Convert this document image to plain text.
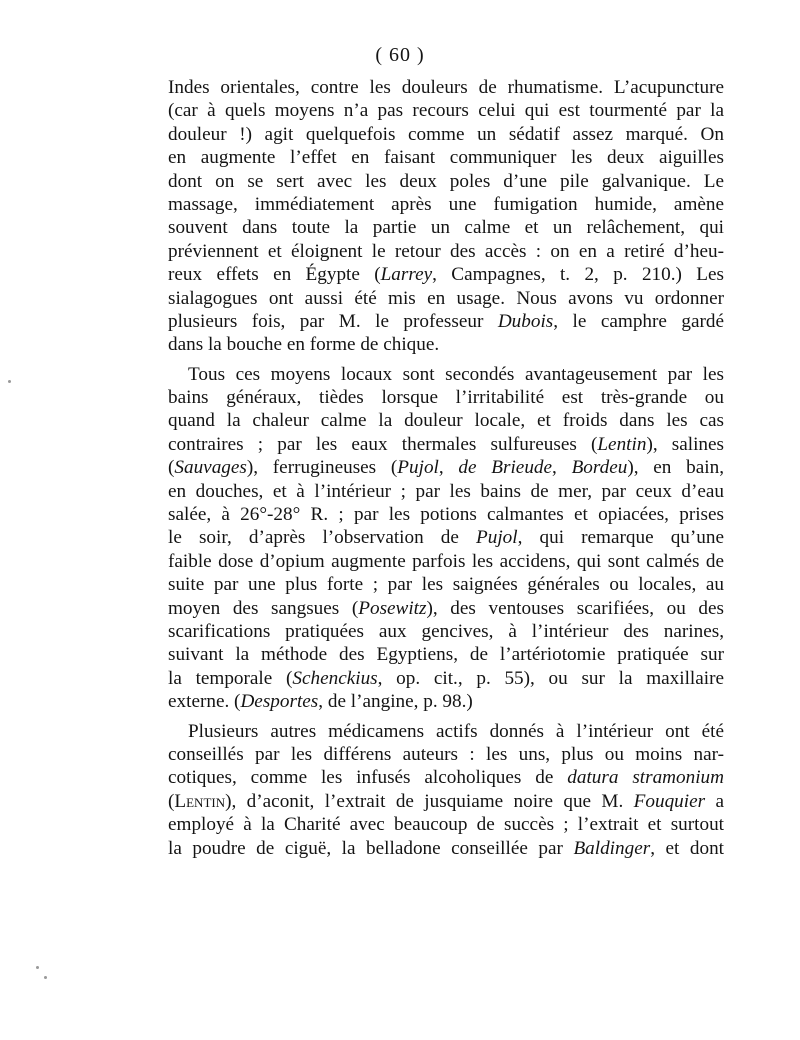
( 60 )
Indes orientales, contre les douleurs de rhumatisme. L’acupuncture
(car à quels moyens n’a pas recours celui qui est tourmenté par la
douleur !) agit quelquefois comme un sédatif assez marqué. On
en augmente l’effet en faisant communiquer les deux aiguilles
dont on se sert avec les deux poles d’une pile galvanique. Le
massage, immédiatement après une fumigation humide, amène
souvent dans toute la partie un calme et un relâchement, qui
préviennent et éloignent le retour des accès : on en a retiré d’heu-
reux effets en Égypte (Larrey, Campagnes, t. 2, p. 210.) Les
sialagogues ont aussi été mis en usage. Nous avons vu ordonner
plusieurs fois, par M. le professeur Dubois, le camphre gardé
dans la bouche en forme de chique.
Tous ces moyens locaux sont secondés avantageusement par les
bains généraux, tièdes lorsque l’irritabilité est très-grande ou
quand la chaleur calme la douleur locale, et froids dans les cas
contraires ; par les eaux thermales sulfureuses (Lentin), salines
(Sauvages), ferrugineuses (Pujol, de Brieude, Bordeu), en bain,
en douches, et à l’intérieur ; par les bains de mer, par ceux d’eau
salée, à 26°-28° R. ; par les potions calmantes et opiacées, prises
le soir, d’après l’observation de Pujol, qui remarque qu’une
faible dose d’opium augmente parfois les accidens, qui sont calmés de
suite par une plus forte ; par les saignées générales ou locales, au
moyen des sangsues (Posewitz), des ventouses scarifiées, ou des
scarifications pratiquées aux gencives, à l’intérieur des narines,
suivant la méthode des Egyptiens, de l’artériotomie pratiquée sur
la temporale (Schenckius, op. cit., p. 55), ou sur la maxillaire
externe. (Desportes, de l’angine, p. 98.)
Plusieurs autres médicamens actifs donnés à l’intérieur ont été
conseillés par les différens auteurs : les uns, plus ou moins nar-
cotiques, comme les infusés alcoholiques de datura stramonium
(Lentin), d’aconit, l’extrait de jusquiame noire que M. Fouquier a
employé à la Charité avec beaucoup de succès ; l’extrait et surtout
la poudre de ciguë, la belladone conseillée par Baldinger, et dont
